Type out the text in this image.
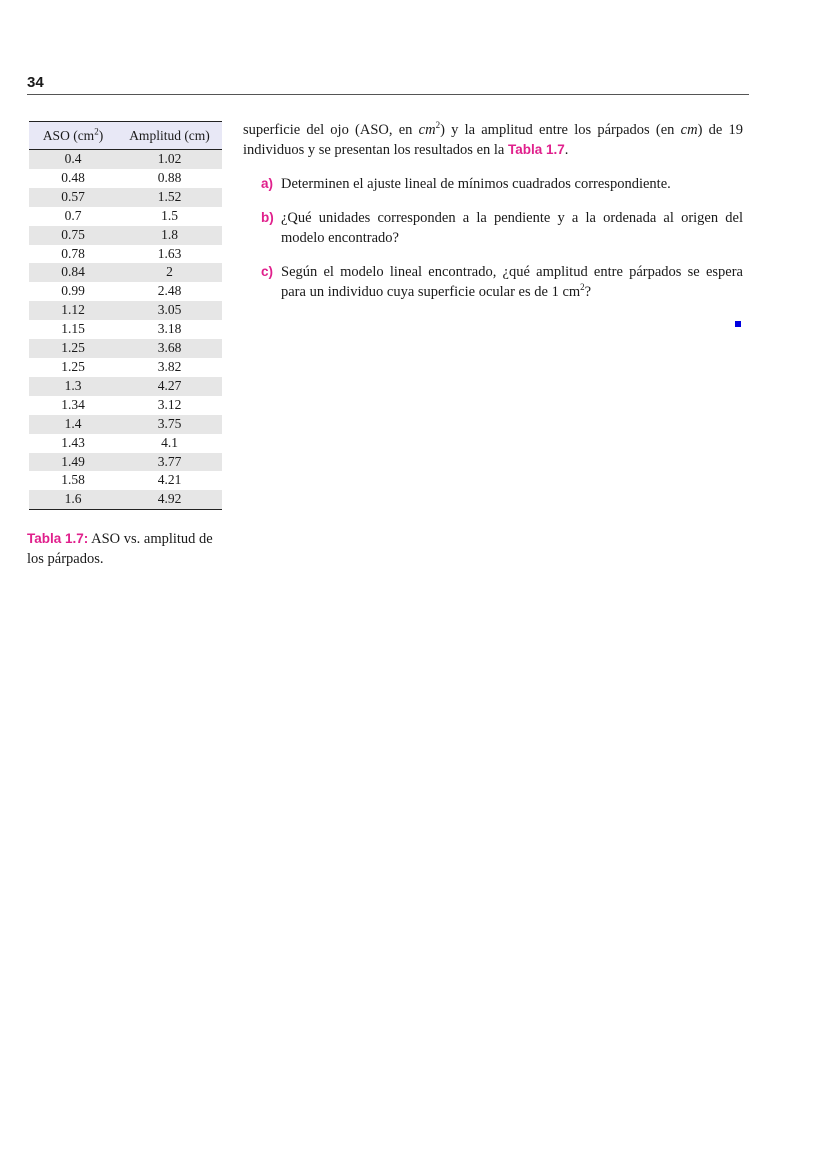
34
ASO $(cm^2)$	Amplitud (cm)
0.4	1.02
0.48	0.88
0.57	1.52
0.7	1.5
0.75	1.8
0.78	1.63
0.84	2
0.99	2.48
1.12	3.05
1.15	3.18
1.25	3.68
1.25	3.82
1.3	4.27
1.34	3.12
1.4	3.75
1.43	4.1
1.49	3.77
1.58	4.21
1.6	4.92
Tabla 1.7: ASO vs. amplitud de los párpados.

superficie del ojo (ASO, en $cm^2$) y la amplitud entre los párpados (en cm) de 19 individuos y se presentan los resultados en la Tabla 1.7.

a) Determinen el ajuste lineal de mínimos cuadrados correspondiente.
b) ¿Qué unidades corresponden a la pendiente y a la ordenada al origen del modelo encontrado?
c) Según el modelo lineal encontrado, ¿qué amplitud entre párpados se espera para un individuo cuya superficie ocular es de 1 $cm^2$?
